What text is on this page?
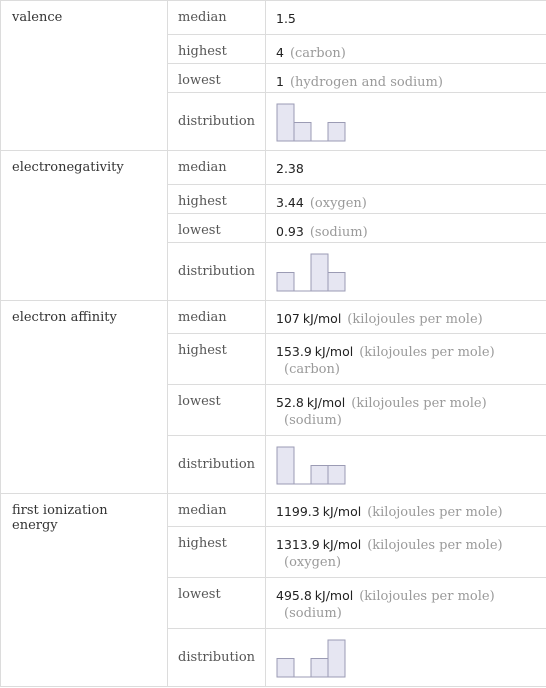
valence	median	1.5
	highest	4 (carbon)
	lowest	1 (hydrogen and sodium)
	distribution	

electronegativity	median	2.38
	highest	3.44 (oxygen)
	lowest	0.93 (sodium)
	distribution	

electron affinity	median	107 kJ/mol (kilojoules per mole)
	highest	153.9 kJ/mol (kilojoules per mole)
(carbon)

	lowest	52.8 kJ/mol (kilojoules per mole)
(sodium)

	distribution	

first ionization energy	median	1199.3 kJ/mol (kilojoules per mole)
	highest	1313.9 kJ/mol (kilojoules per mole)
(oxygen)

	lowest	495.8 kJ/mol (kilojoules per mole)
(sodium)

	distribution	
